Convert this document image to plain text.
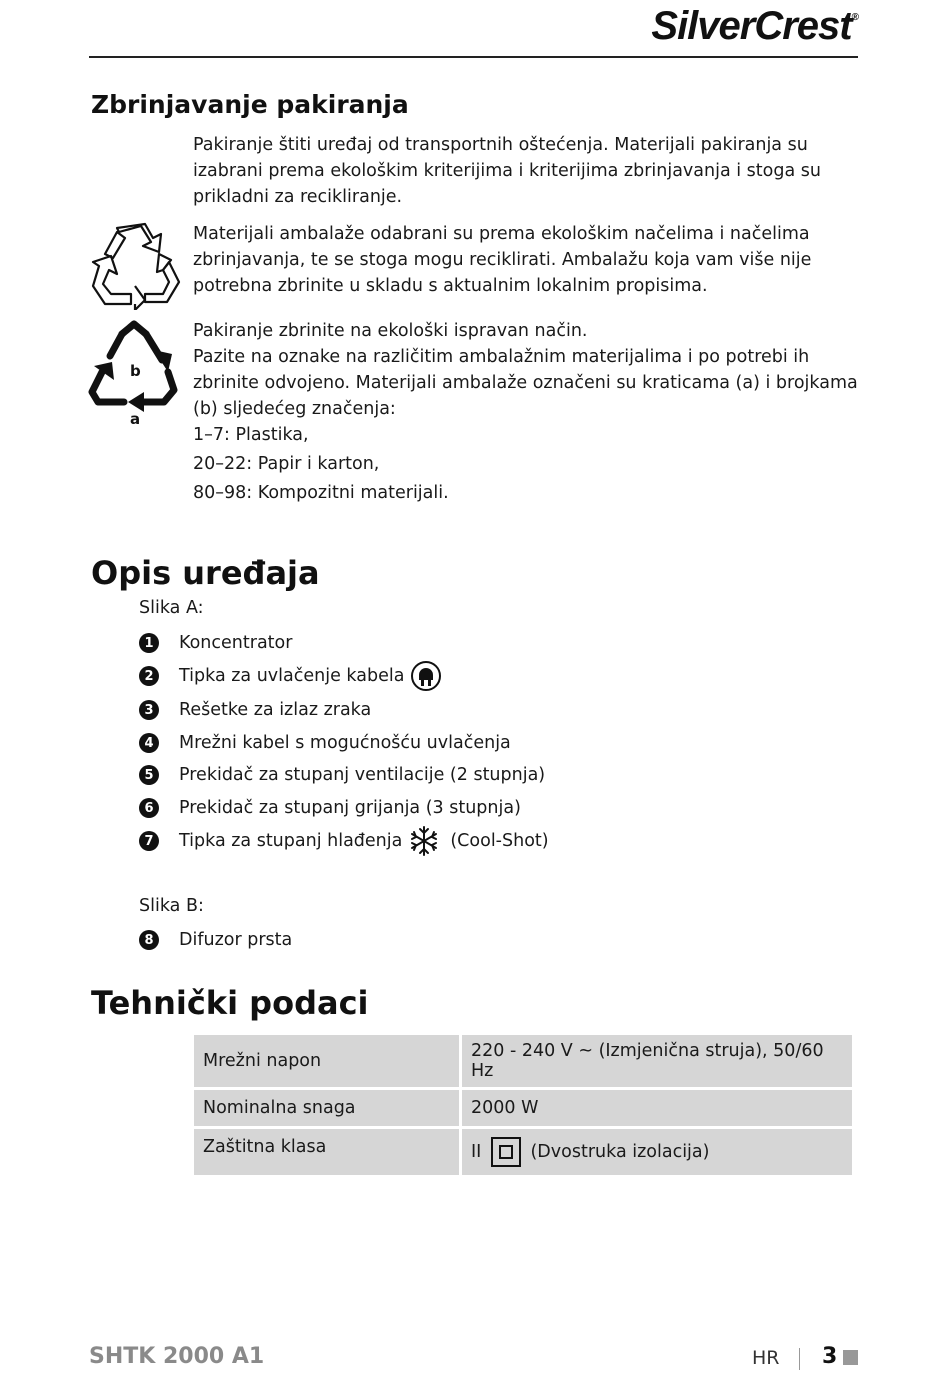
SilverCrest®
Zbrinjavanje pakiranja

Pakiranje štiti uređaj od transportnih oštećenja. Materijali pakiranja su izabrani prema ekološkim kriterijima i kriterijima zbrinjavanja i stoga su prikladni za recikliranje.

Materijali ambalaže odabrani su prema ekološkim načelima i načelima zbrinjavanja, te se stoga mogu reciklirati. Ambalažu koja vam više nije potrebna zbrinite u skladu s aktualnim lokalnim propisima.

b
a

Pakiranje zbrinite na ekološki ispravan način.

Pazite na oznake na različitim ambalažnim materijalima i po potrebi ih zbrinite odvojeno. Materijali ambalaže označeni su kraticama (a) i brojkama (b) sljedećeg značenja:

1–7: Plastika,

20–22: Papir i karton,

80–98: Kompozitni materijali.

Opis uređaja

Slika A:

1	Koncentrator
2	Tipka za uvlačenje kabela
3	Rešetke za izlaz zraka
4	Mrežni kabel s mogućnošću uvlačenja
5	Prekidač za stupanj ventilacije (2 stupnja)
6	Prekidač za stupanj grijanja (3 stupnja)
7	Tipka za stupanj hlađenja	(Cool-Shot)

Slika B:

8	Difuzor prsta
Tehnički podaci
Mrežni napon	220 - 240 V ~ (Izmjenična struja), 50/60 Hz
Nominalna snaga	2000 W
Zaštitna klasa	II (Dvostruka izolacija)
SHTK 2000 A1	HR 3
